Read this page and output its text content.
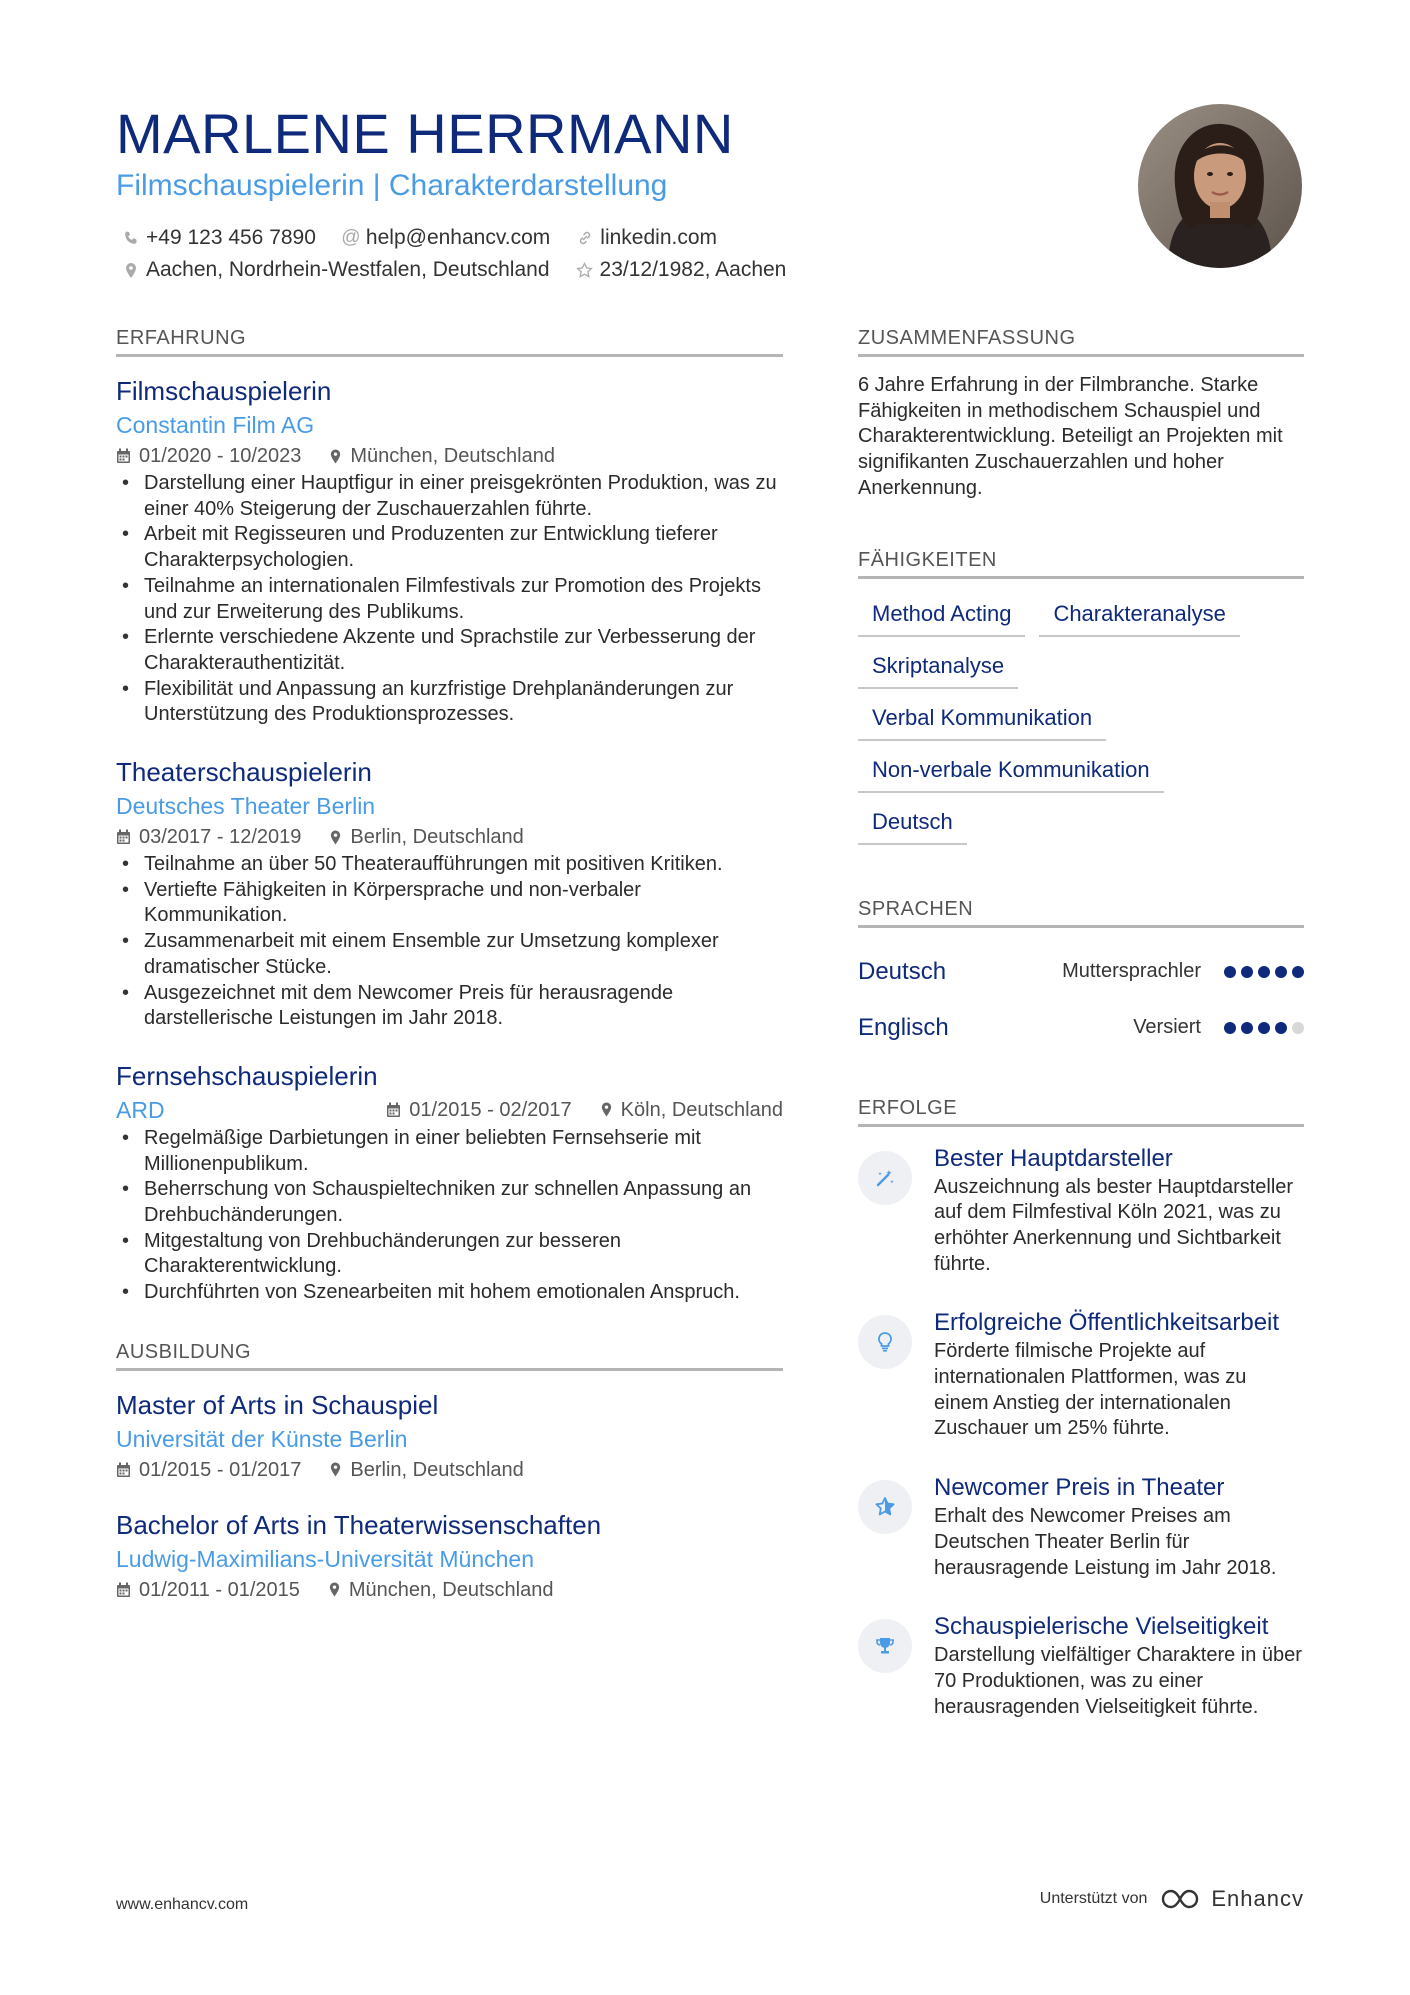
MARLENE HERRMANN
Filmschauspielerin | Charakterdarstellung
+49 123 456 7890 @ help@enhancv.com linkedin.com
Aachen, Nordrhein-Westfalen, Deutschland 23/12/1982, Aachen
ERFAHRUNG
Filmschauspielerin
Constantin Film AG
01/2020 - 10/2023 München, Deutschland
• Darstellung einer Hauptfigur in einer preisgekrönten Produktion, was zu einer 40% Steigerung der Zuschauerzahlen führte.
• Arbeit mit Regisseuren und Produzenten zur Entwicklung tieferer Charakterpsychologien.
• Teilnahme an internationalen Filmfestivals zur Promotion des Projekts und zur Erweiterung des Publikums.
• Erlernte verschiedene Akzente und Sprachstile zur Verbesserung der Charakterauthentizität.
• Flexibilität und Anpassung an kurzfristige Drehplanänderungen zur Unterstützung des Produktionsprozesses.
Theaterschauspielerin
Deutsches Theater Berlin
03/2017 - 12/2019 Berlin, Deutschland
• Teilnahme an über 50 Theateraufführungen mit positiven Kritiken.
• Vertiefte Fähigkeiten in Körpersprache und non-verbaler Kommunikation.
• Zusammenarbeit mit einem Ensemble zur Umsetzung komplexer dramatischer Stücke.
• Ausgezeichnet mit dem Newcomer Preis für herausragende darstellerische Leistungen im Jahr 2018.
Fernsehschauspielerin
ARD	01/2015 - 02/2017 Köln, Deutschland
• Regelmäßige Darbietungen in einer beliebten Fernsehserie mit Millionenpublikum.
• Beherrschung von Schauspieltechniken zur schnellen Anpassung an Drehbuchänderungen.
• Mitgestaltung von Drehbuchänderungen zur besseren Charakterentwicklung.
• Durchführten von Szenearbeiten mit hohem emotionalen Anspruch.
AUSBILDUNG
Master of Arts in Schauspiel
Universität der Künste Berlin
01/2015 - 01/2017 Berlin, Deutschland
Bachelor of Arts in Theaterwissenschaften
Ludwig-Maximilians-Universität München
01/2011 - 01/2015 München, Deutschland
ZUSAMMENFASSUNG
6 Jahre Erfahrung in der Filmbranche. Starke Fähigkeiten in methodischem Schauspiel und Charakterentwicklung. Beteiligt an Projekten mit signifikanten Zuschauerzahlen und hoher Anerkennung.
FÄHIGKEITEN
Method Acting	Charakteranalyse
Skriptanalyse
Verbal Kommunikation
Non-verbale Kommunikation
Deutsch
SPRACHEN
Deutsch	Muttersprachler
Englisch	Versiert
ERFOLGE
Bester Hauptdarsteller
Auszeichnung als bester Hauptdarsteller auf dem Filmfestival Köln 2021, was zu erhöhter Anerkennung und Sichtbarkeit führte.
Erfolgreiche Öffentlichkeitsarbeit
Förderte filmische Projekte auf internationalen Plattformen, was zu einem Anstieg der internationalen Zuschauer um 25% führte.
Newcomer Preis in Theater
Erhalt des Newcomer Preises am Deutschen Theater Berlin für herausragende Leistung im Jahr 2018.
Schauspielerische Vielseitigkeit
Darstellung vielfältiger Charaktere in über 70 Produktionen, was zu einer herausragenden Vielseitigkeit führte.
www.enhancv.com	Unterstützt von	Enhancv
